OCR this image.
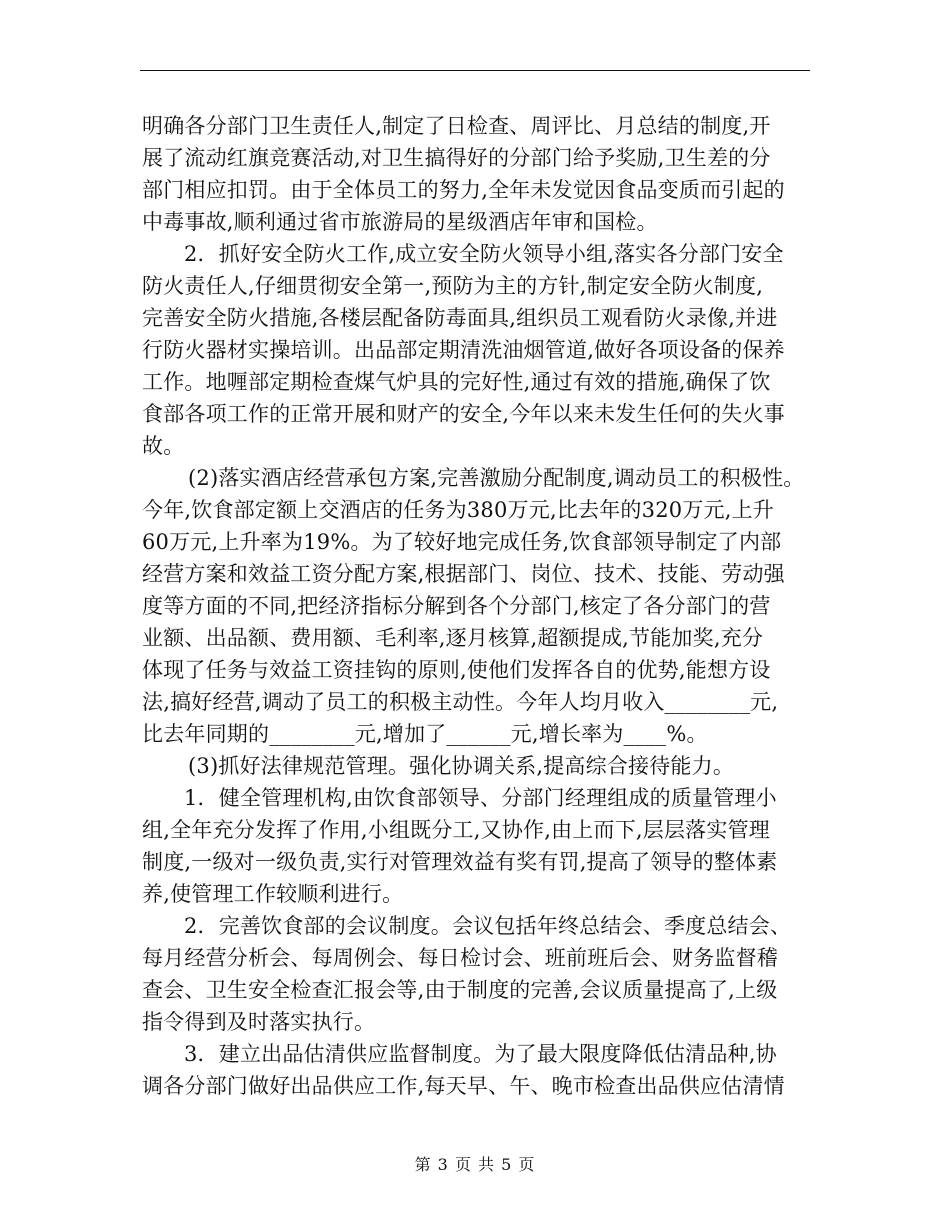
明确各分部门卫生责任人,制定了日检查、周评比、月总结的制度,开
展了流动红旗竞赛活动,对卫生搞得好的分部门给予奖励,卫生差的分
部门相应扣罚。由于全体员工的努力,全年未发觉因食品变质而引起的
中毒事故,顺利通过省市旅游局的星级酒店年审和国检。
2．抓好安全防火工作,成立安全防火领导小组,落实各分部门安全
防火责任人,仔细贯彻安全第一,预防为主的方针,制定安全防火制度,
完善安全防火措施,各楼层配备防毒面具,组织员工观看防火录像,并进
行防火器材实操培训。出品部定期清洗油烟管道,做好各项设备的保养
工作。地喱部定期检查煤气炉具的完好性,通过有效的措施,确保了饮
食部各项工作的正常开展和财产的安全,今年以来未发生任何的失火事
故。
(2)落实酒店经营承包方案,完善激励分配制度,调动员工的积极性。
今年,饮食部定额上交酒店的任务为380万元,比去年的320万元,上升
60万元,上升率为19%。为了较好地完成任务,饮食部领导制定了内部
经营方案和效益工资分配方案,根据部门、岗位、技术、技能、劳动强
度等方面的不同,把经济指标分解到各个分部门,核定了各分部门的营
业额、出品额、费用额、毛利率,逐月核算,超额提成,节能加奖,充分
体现了任务与效益工资挂钩的原则,使他们发挥各自的优势,能想方设
法,搞好经营,调动了员工的积极主动性。今年人均月收入________元,
比去年同期的________元,增加了______元,增长率为____%。
(3)抓好法律规范管理。强化协调关系,提高综合接待能力。
1．健全管理机构,由饮食部领导、分部门经理组成的质量管理小
组,全年充分发挥了作用,小组既分工,又协作,由上而下,层层落实管理
制度,一级对一级负责,实行对管理效益有奖有罚,提高了领导的整体素
养,使管理工作较顺利进行。
2．完善饮食部的会议制度。会议包括年终总结会、季度总结会、
每月经营分析会、每周例会、每日检讨会、班前班后会、财务监督稽
查会、卫生安全检查汇报会等,由于制度的完善,会议质量提高了,上级
指令得到及时落实执行。
3．建立出品估清供应监督制度。为了最大限度降低估清品种,协
调各分部门做好出品供应工作,每天早、午、晚市检查出品供应估清情
第 3 页 共 5 页
